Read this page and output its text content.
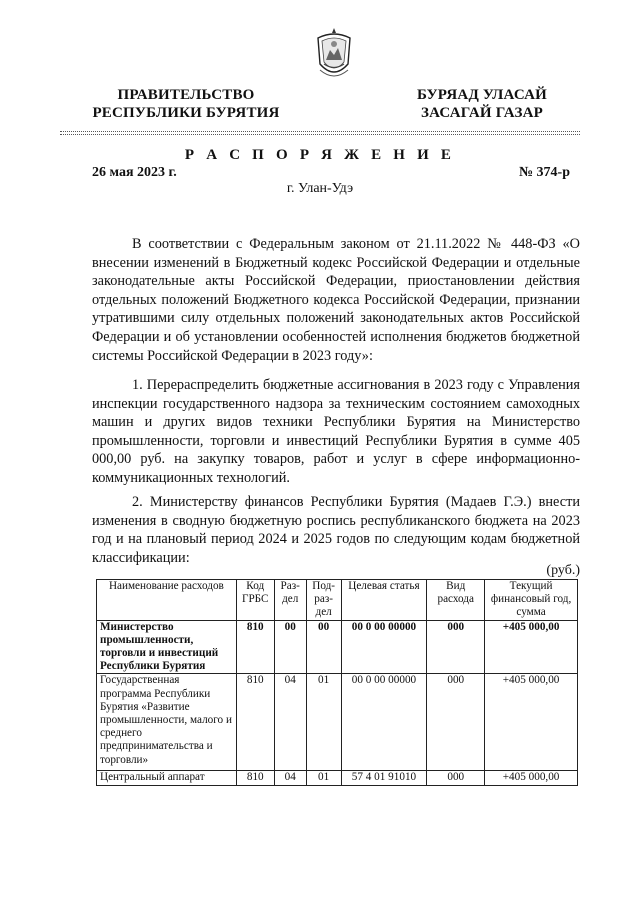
ПРАВИТЕЛЬСТВО
РЕСПУБЛИКИ БУРЯТИЯ
БУРЯАД УЛАСАЙ
ЗАСАГАЙ ГАЗАР
Р А С П О Р Я Ж Е Н И Е
26 мая 2023 г.	№ 374-р
г. Улан-Удэ

В соответствии с Федеральным законом от 21.11.2022 № 448-ФЗ «О внесении изменений в Бюджетный кодекс Российской Федерации и отдельные законодательные акты Российской Федерации, приостановлении действия отдельных положений Бюджетного кодекса Российской Федерации, признании утратившими силу отдельных положений законодательных актов Российской Федерации и об установлении особенностей исполнения бюджетов бюджетной системы Российской Федерации в 2023 году»:

1. Перераспределить бюджетные ассигнования в 2023 году с Управления инспекции государственного надзора за техническим состоянием самоходных машин и других видов техники Республики Бурятия на Министерство промышленности, торговли и инвестиций Республики Бурятия в сумме 405 000,00 руб. на закупку товаров, работ и услуг в сфере информационно-коммуникационных технологий.

2. Министерству финансов Республики Бурятия (Мадаев Г.Э.) внести изменения в сводную бюджетную роспись республиканского бюджета на 2023 год и на плановый период 2024 и 2025 годов по следующим кодам бюджетной классификации:

(руб.)
Наименование расходов	Код ГРБС	Раз-дел	Под-раз-дел	Целевая статья	Вид расхода	Текущий финансовый год, сумма
Министерство промышленности, торговли и инвестиций Республики Бурятия	810	00	00	00 0 00 00000	000	+405 000,00
Государственная программа Республики Бурятия «Развитие промышленности, малого и среднего предпринимательства и торговли»	810	04	01	00 0 00 00000	000	+405 000,00
Центральный аппарат	810	04	01	57 4 01 91010	000	+405 000,00
